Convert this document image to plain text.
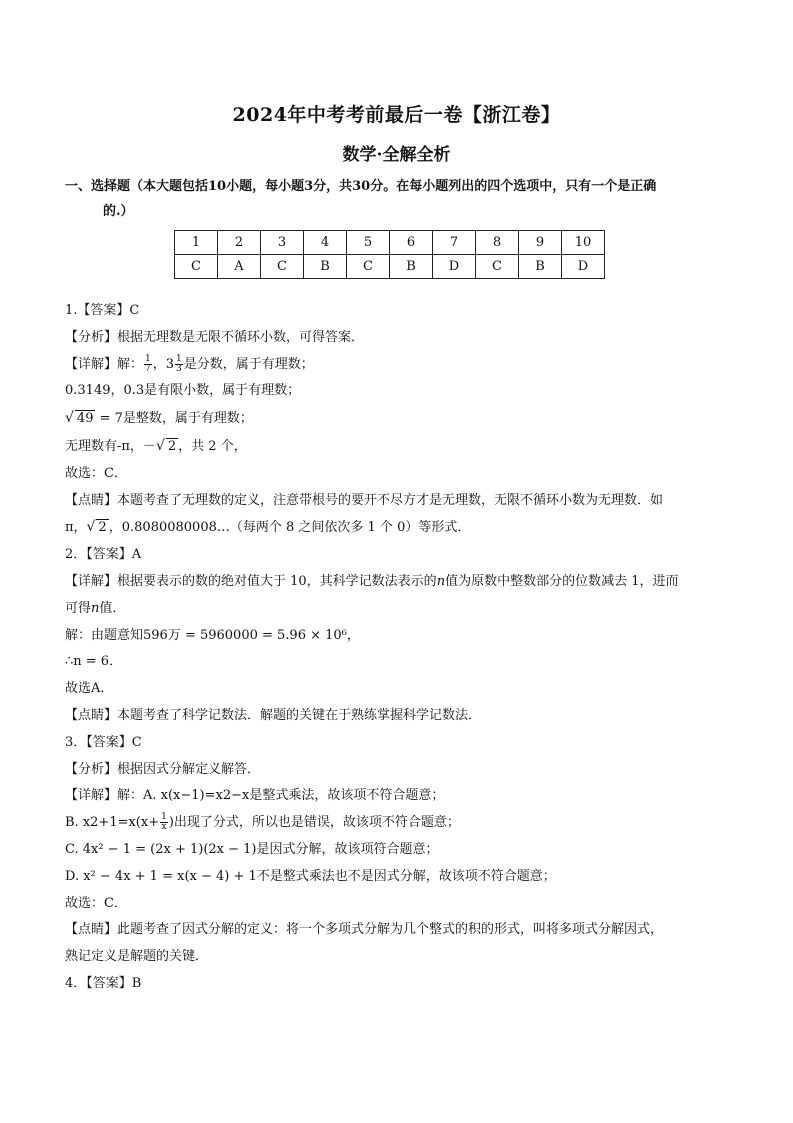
2024年中考考前最后一卷【浙江卷】
数学·全解全析
一、选择题（本大题包括10小题，每小题3分，共30分。在每小题列出的四个选项中，只有一个是正确
的.）
1	2	3	4	5	6	7	8	9	10
C	A	C	B	C	B	D	C	B	D
1.【答案】C
【分析】根据无理数是无限不循环小数，可得答案．
【详解】解： $\frac{1}{7}$ ，$3 \frac{1}{3}$ 是分数，属于有理数；
0.3149，0.3是有限小数，属于有理数；
√ 49 = 7是整数，属于有理数；
无理数有-π，－√ 2 ，共 2 个，
故选：C．
【点睛】本题考查了无理数的定义，注意带根号的要开不尽方才是无理数，无限不循环小数为无理数．如
π，√ 2 ，0.8080080008…（每两个 8 之间依次多 1 个 0）等形式．
2．【答案】A
【详解】根据要表示的数的绝对值大于 10，其科学记数法表示的n值为原数中整数部分的位数减去 1，进而
可得n值．
解：由题意知596万 = 5960000 = 5.96 × 10⁶，
∴n = 6．
故选A．
【点睛】本题考查了科学记数法．解题的关键在于熟练掌握科学记数法．
3．【答案】C
【分析】根据因式分解定义解答．
【详解】解：A. x(x−1)=x2−x是整式乘法，故该项不符合题意；
B. $x2+1=x(x+ \frac{1}{x}$ )出现了分式，所以也是错误，故该项不符合题意；
C. 4x² − 1 = (2x + 1)(2x − 1)是因式分解，故该项符合题意；
D. x² − 4x + 1 = x(x − 4) + 1不是整式乘法也不是因式分解，故该项不符合题意；
故选：C．
【点睛】此题考查了因式分解的定义：将一个多项式分解为几个整式的积的形式，叫将多项式分解因式，
熟记定义是解题的关键．
4．【答案】B
